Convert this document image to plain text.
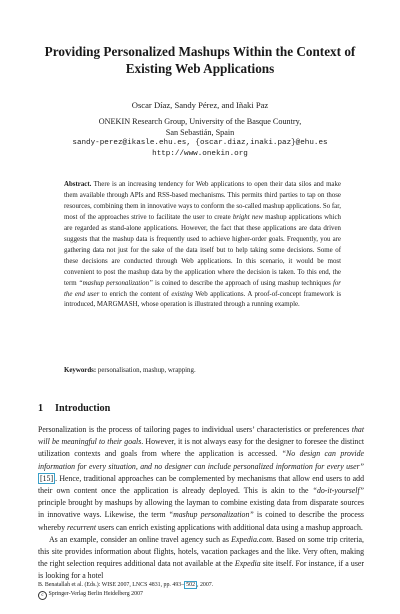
Providing Personalized Mashups Within the Context of
Existing Web Applications
Oscar Díaz, Sandy Pérez, and Iñaki Paz
ONEKIN Research Group, University of the Basque Country,
San Sebastián, Spain
sandy-perez@ikasle.ehu.es, {oscar.diaz,inaki.paz}@ehu.es
http://www.onekin.org
Abstract. There is an increasing tendency for Web applications to open their data silos and make them available through APIs and RSS-based mechanisms. This permits third parties to tap on those resources, combining them in innovative ways to conform the so-called mashup applications. So far, most of the approaches strive to facilitate the user to create bright new mashup applications which are regarded as stand-alone applications. However, the fact that these applications are data driven suggests that the mashup data is frequently used to achieve higher-order goals. Frequently, you are gathering data not just for the sake of the data itself but to help taking some decisions. Some of these decisions are conducted through Web applications. In this scenario, it would be most convenient to post the mashup data by the application where the decision is taken. To this end, the term “mashup personalization” is coined to describe the approach of using mashup techniques for the end user to enrich the content of existing Web applications. A proof-of-concept framework is introduced, MARGMASH, whose operation is illustrated through a running example.
Keywords: personalisation, mashup, wrapping.
1 Introduction

Personalization is the process of tailoring pages to individual users’ characteristics or preferences that will be meaningful to their goals. However, it is not always easy for the designer to foresee the distinct utilization contexts and goals from where the application is accessed. “No design can provide information for every situation, and no designer can include personalized information for every user” [15] . Hence, traditional approaches can be complemented by mechanisms that allow end users to add their own content once the application is already deployed. This is akin to the “do-it-yourself” principle brought by mashups by allowing the layman to combine existing data from disparate sources in innovative ways. Likewise, the term “mashup personalization” is coined to describe the process whereby recurrent users can enrich existing applications with additional data using a mashup approach.

As an example, consider an online travel agency such as Expedia.com. Based on some trip criteria, this site provides information about flights, hotels, vacation packages and the like. Very often, making the right selection requires additional data not available at the Expedia site itself. For instance, if a user is looking for a hotel

B. Benatallah et al. (Eds.): WISE 2007, LNCS 4831, pp. 493– 502 , 2007.
c Springer-Verlag Berlin Heidelberg 2007
